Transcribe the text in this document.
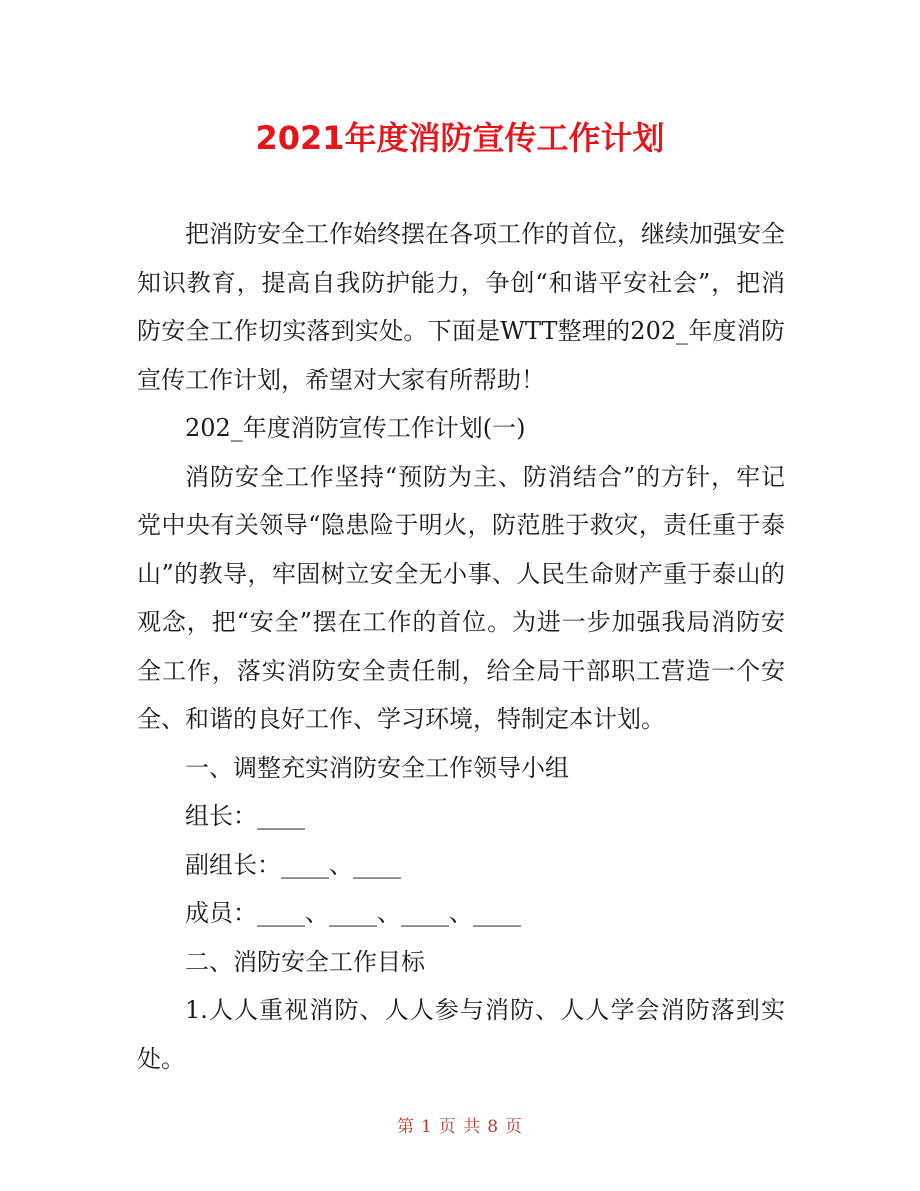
2021年度消防宣传工作计划

把消防安全工作始终摆在各项工作的首位，继续加强安全知识教育，提高自我防护能力，争创“和谐平安社会”，把消防安全工作切实落到实处。下面是WTT整理的202_年度消防宣传工作计划，希望对大家有所帮助！

202_年度消防宣传工作计划(一)

消防安全工作坚持“预防为主、防消结合”的方针，牢记党中央有关领导“隐患险于明火，防范胜于救灾，责任重于泰山”的教导，牢固树立安全无小事、人民生命财产重于泰山的观念，把“安全”摆在工作的首位。为进一步加强我局消防安全工作，落实消防安全责任制，给全局干部职工营造一个安全、和谐的良好工作、学习环境，特制定本计划。

一、调整充实消防安全工作领导小组

组长：____

副组长：____、____

成员：____、____、____、____

二、消防安全工作目标

1.人人重视消防、人人参与消防、人人学会消防落到实处。

第 1 页 共 8 页
